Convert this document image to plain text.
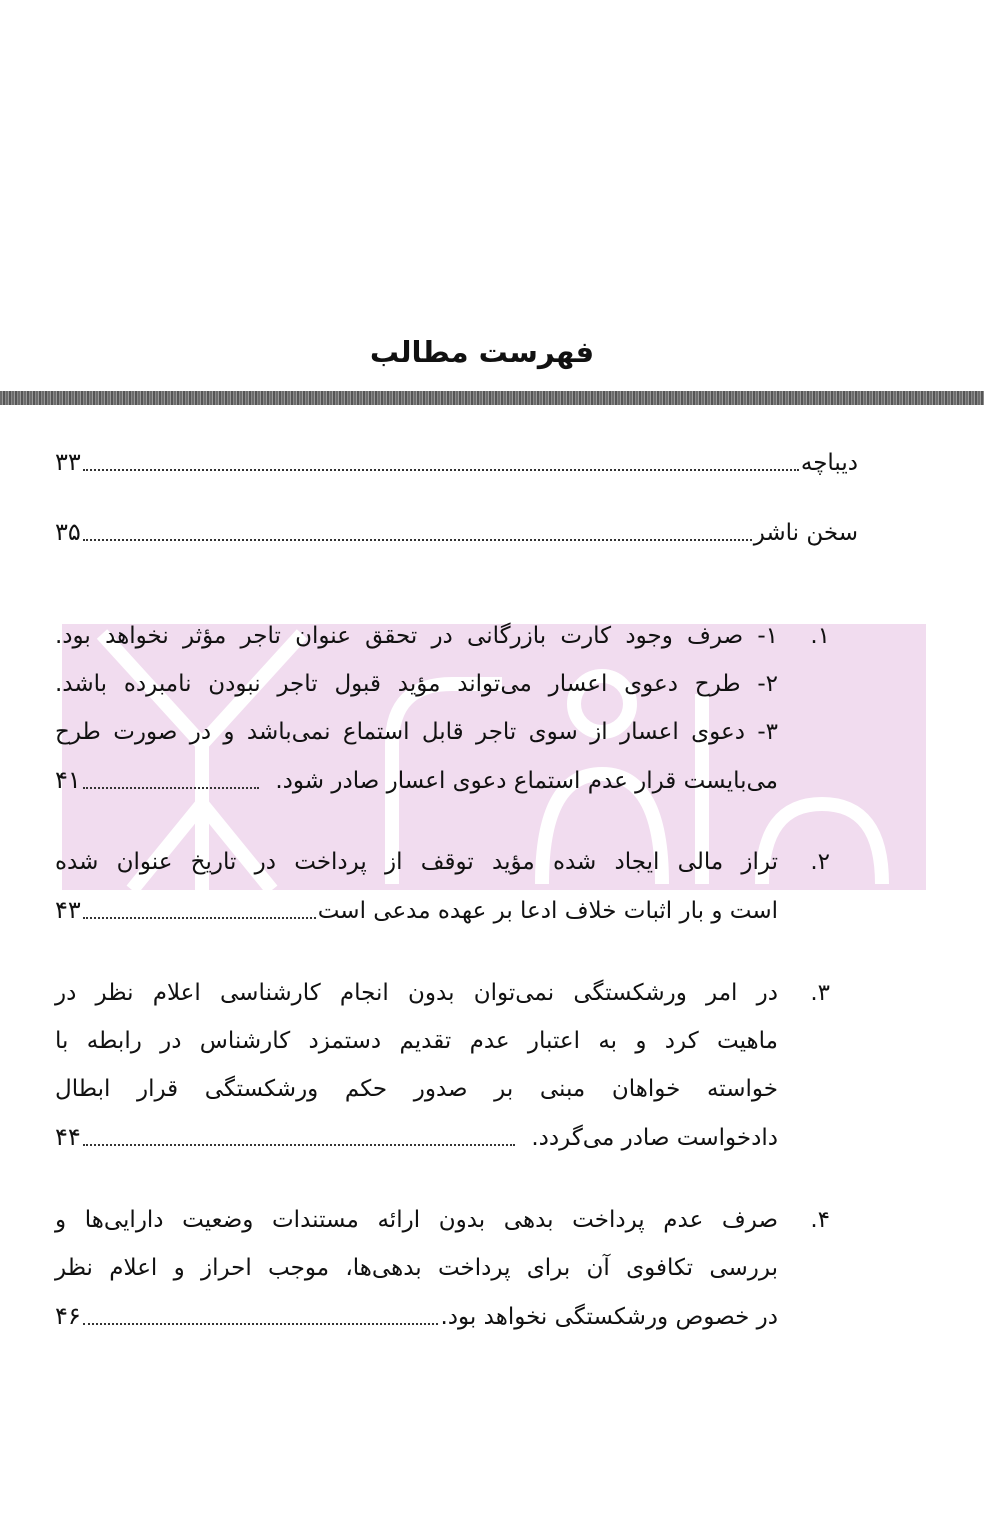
فهرست مطالب
دیباچه
۳۳
سخن ناشر
۳۵
۱.
۱- صرف وجود کارت بازرگانی در تحقق عنوان تاجر مؤثر نخواهد بود.
۲- طرح دعوی اعسار می‌تواند مؤید قبول تاجر نبودن نامبرده باشد.
۳- دعوی اعسار از سوی تاجر قابل استماع نمی‌باشد و در صورت طرح
می‌بایست قرار عدم استماع دعوی اعسار صادر شود.
۴۱
۲.
تراز مالی ایجاد شده مؤید توقف از پرداخت در تاریخ عنوان شده
است و بار اثبات خلاف ادعا بر عهده مدعی است
۴۳
۳.
در امر ورشکستگی نمی‌توان بدون انجام کارشناسی اعلام نظر در
ماهیت کرد و به اعتبار عدم تقدیم دستمزد کارشناس در رابطه با
خواسته خواهان مبنی بر صدور حکم ورشکستگی قرار ابطال
دادخواست صادر می‌گردد.
۴۴
۴.
صرف عدم پرداخت بدهی بدون ارائه مستندات وضعیت دارایی‌ها و
بررسی تکافوی آن برای پرداخت بدهی‌ها، موجب احراز و اعلام نظر
در خصوص ورشکستگی نخواهد بود.
۴۶
